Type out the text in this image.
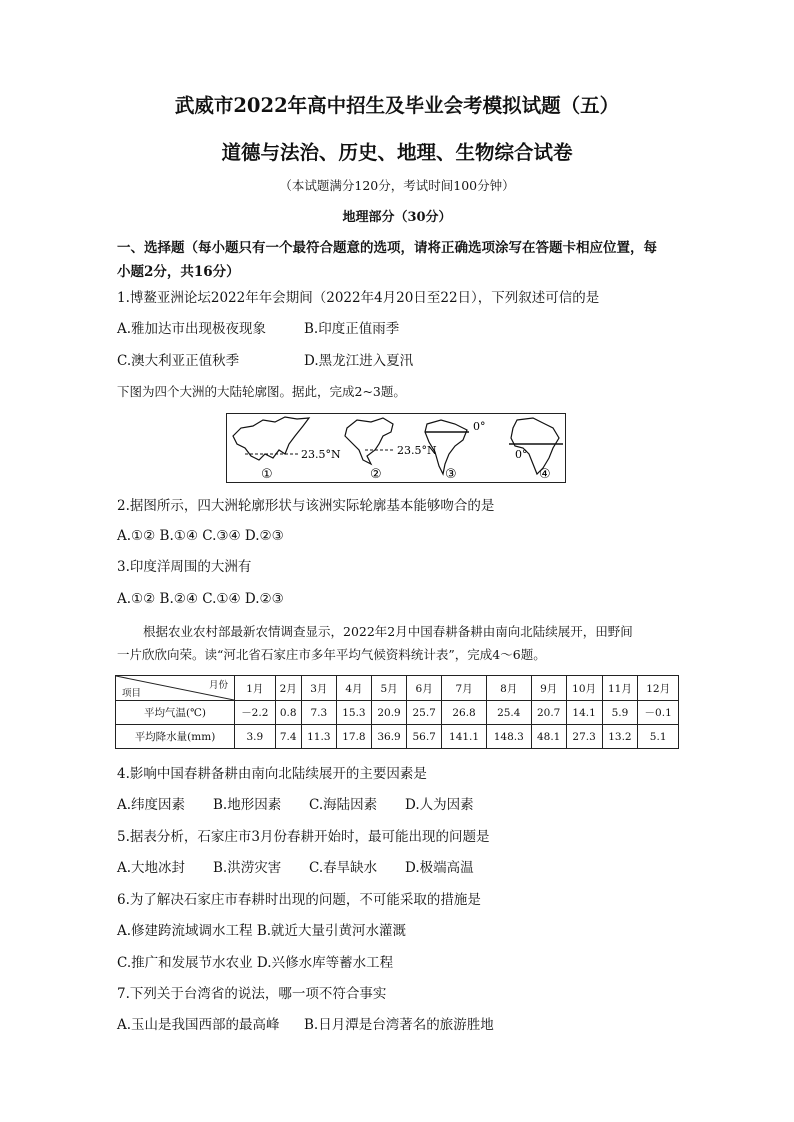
武威市2022年高中招生及毕业会考模拟试题（五）
道德与法治、历史、地理、生物综合试卷
（本试题满分120分，考试时间100分钟）
地理部分（30分）
一、选择题（每小题只有一个最符合题意的选项，请将正确选项涂写在答题卡相应位置，每
小题2分，共16分）
1.博鳌亚洲论坛2022年年会期间（2022年4月20日至22日），下列叙述可信的是
A.雅加达市出现极夜现象	B.印度正值雨季
C.澳大利亚正值秋季	D.黑龙江进入夏汛
下图为四个大洲的大陆轮廓图。据此，完成2~3题。
23.5°N	23.5°N
0°
0°
①	②	③	④
2.据图所示，四大洲轮廓形状与该洲实际轮廓基本能够吻合的是
A.①② B.①④ C.③④ D.②③
3.印度洋周围的大洲有
A.①② B.②④ C.①④ D.②③
根据农业农村部最新农情调查显示，2022年2月中国春耕备耕由南向北陆续展开，田野间
一片欣欣向荣。读“河北省石家庄市多年平均气候资料统计表”，完成4～6题。
月份
项目	1月	2月	3月	4月	5月	6月	7月	8月	9月	10月	11月	12月
平均气温(℃)	－2.2	0.8	7.3	15.3	20.9	25.7	26.8	25.4	20.7	14.1	5.9	－0.1
平均降水量(mm)	3.9	7.4	11.3	17.8	36.9	56.7	141.1	148.3	48.1	27.3	13.2	5.1
4.影响中国春耕备耕由南向北陆续展开的主要因素是
A.纬度因素 B.地形因素 C.海陆因素 D.人为因素
5.据表分析，石家庄市3月份春耕开始时，最可能出现的问题是
A.大地冰封 B.洪涝灾害 C.春旱缺水 D.极端高温
6.为了解决石家庄市春耕时出现的问题，不可能采取的措施是
A.修建跨流域调水工程 B.就近大量引黄河水灌溉
C.推广和发展节水农业 D.兴修水库等蓄水工程
7.下列关于台湾省的说法，哪一项不符合事实
A.玉山是我国西部的最高峰 B.日月潭是台湾著名的旅游胜地
